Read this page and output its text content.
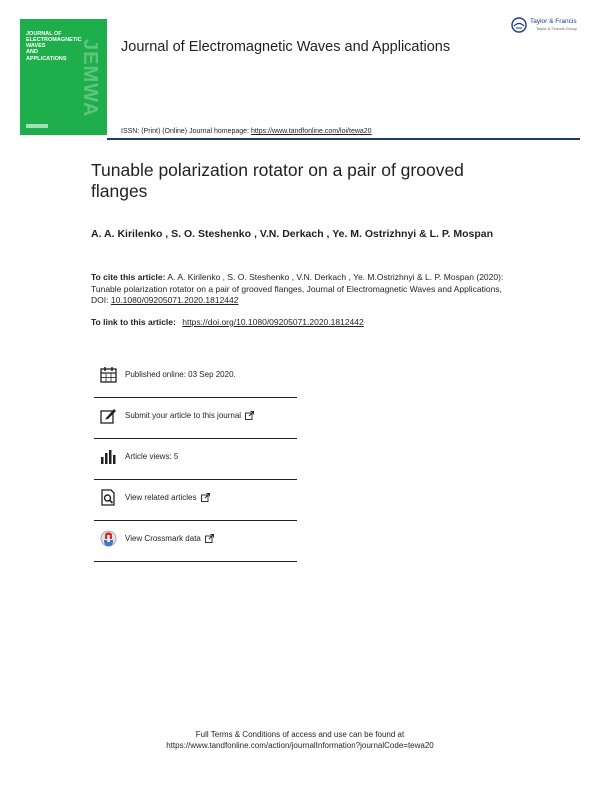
JOURNAL OF
ELECTROMAGNETIC
WAVES
AND
APPLICATIONS JEMWA Journal of Electromagnetic Waves and Applications
Taylor & Francis
Taylor & Francis Group
ISSN: (Print) (Online) Journal homepage: https://www.tandfonline.com/loi/tewa20
Tunable polarization rotator on a pair of grooved flanges
A. A. Kirilenko , S. O. Steshenko , V.N. Derkach , Ye. M. Ostrizhnyi & L. P. Mospan
To cite this article: A. A. Kirilenko , S. O. Steshenko , V.N. Derkach , Ye. M.Ostrizhnyi & L. P. Mospan (2020): Tunable polarization rotator on a pair of grooved flanges, Journal of Electromagnetic Waves and Applications, DOI: 10.1080/09205071.2020.1812442
To link to this article: https://doi.org/10.1080/09205071.2020.1812442
Published online: 03 Sep 2020.
Submit your article to this journal
Article views: 5
View related articles
View Crossmark data
Full Terms & Conditions of access and use can be found at
https://www.tandfonline.com/action/journalInformation?journalCode=tewa20
